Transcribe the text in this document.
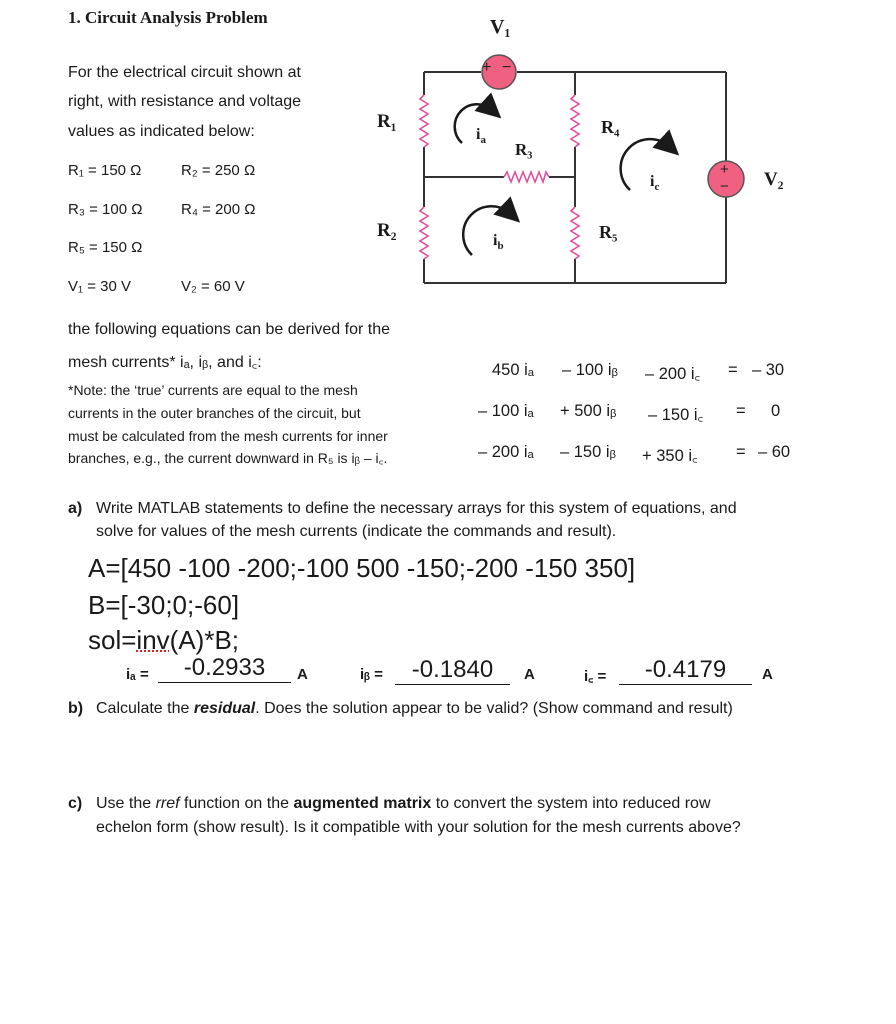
1. Circuit Analysis Problem
For the electrical circuit shown at
right, with resistance and voltage
values as indicated below:
R₁ = 150 Ω	R₂ = 250 Ω
R₃ = 100 Ω	R₄ = 200 Ω
R₅ = 150 Ω
V₁ = 30 V	V₂ = 60 V
V₁
+ −
+
− V₂
R₁
R₂
R₃
R₄
R₅
$i_a$
$i_b$
$i_c$
the following equations can be derived for the
mesh currents* iₐ, iᵦ, and i꜀:
*Note: the ‘true’ currents are equal to the mesh
currents in the outer branches of the circuit, but
must be calculated from the mesh currents for inner
branches, e.g., the current downward in R₅ is iᵦ – i꜀.
450 iₐ – 100 iᵦ – 200 i꜀ = – 30
– 100 iₐ + 500 iᵦ – 150 i꜀ = 0
– 200 iₐ – 150 iᵦ + 350 i꜀ = – 60
a) Write MATLAB statements to define the necessary arrays for this system of equations, and
solve for values of the mesh currents (indicate the commands and result).
A=[450 -100 -200;-100 500 -150;-200 -150 350]
B=[-30;0;-60]
sol=inv(A)*B;
iₐ =	-0.2933	A	iᵦ =	-0.1840	A	i꜀ =	-0.4179	A
b) Calculate the residual. Does the solution appear to be valid? (Show command and result)
c) Use the rref function on the augmented matrix to convert the system into reduced row
echelon form (show result). Is it compatible with your solution for the mesh currents above?
